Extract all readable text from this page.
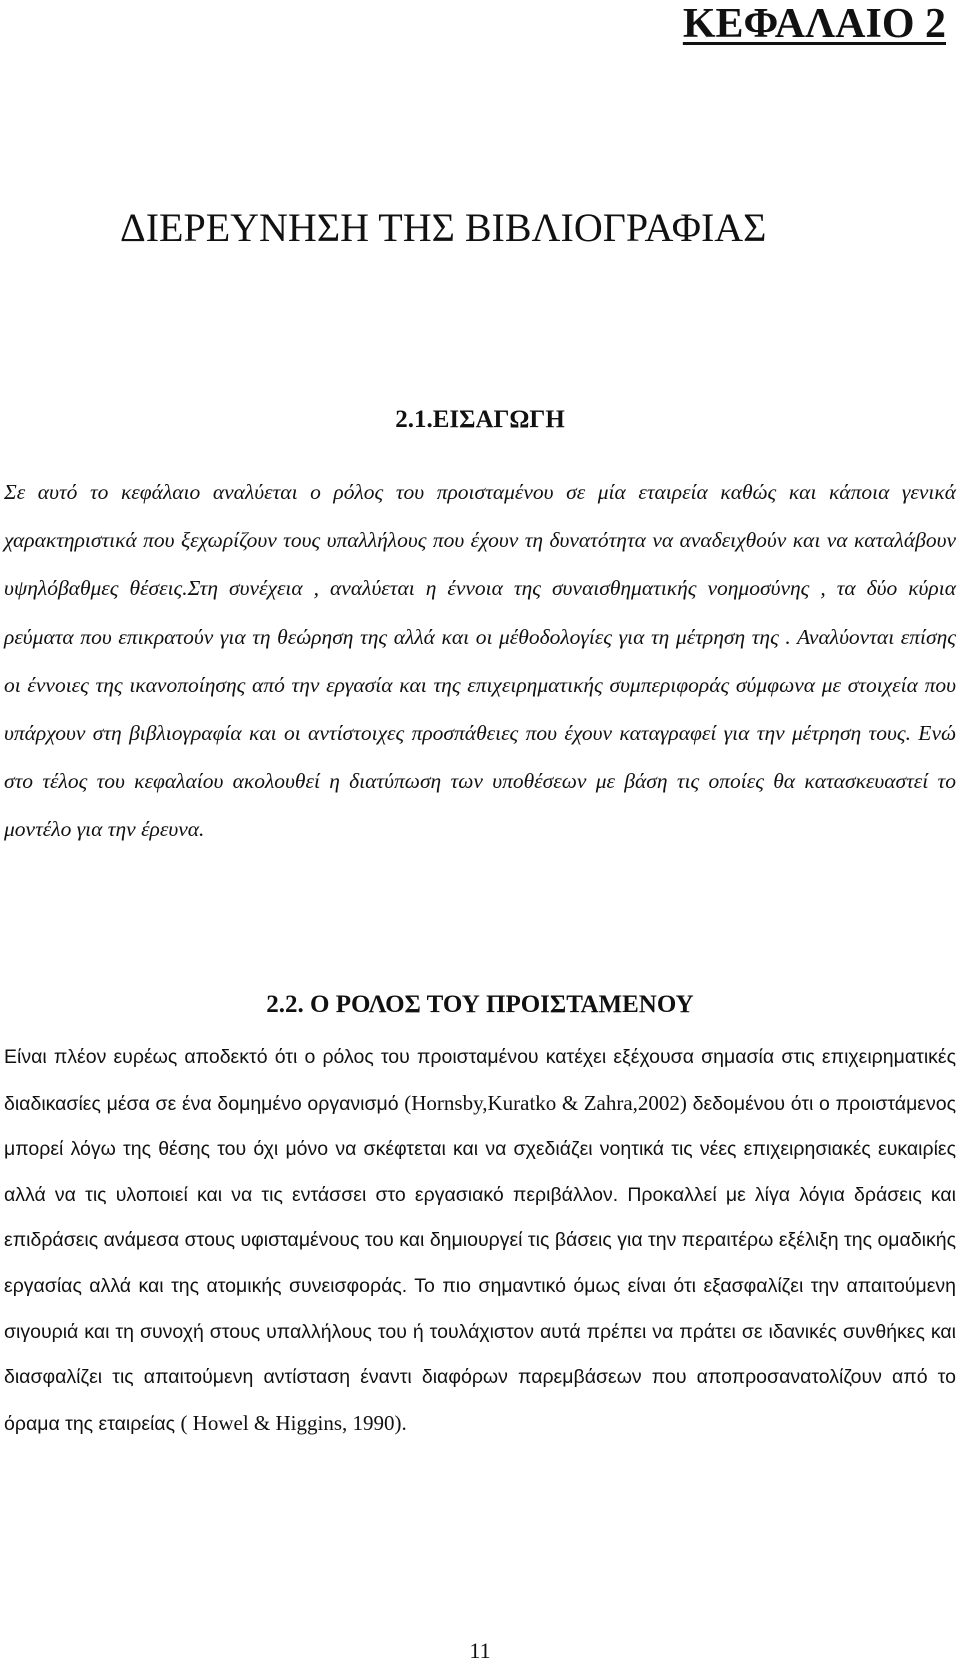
ΚΕΦΑΛΑΙΟ 2
ΔΙΕΡΕΥΝΗΣΗ ΤΗΣ ΒΙΒΛΙΟΓΡΑΦΙΑΣ
2.1.ΕΙΣΑΓΩΓΗ

Σε αυτό το κεφάλαιο αναλύεται ο ρόλος του προισταμένου σε μία εταιρεία καθώς και κάποια γενικά χαρακτηριστικά που ξεχωρίζουν τους υπαλλήλους που έχουν τη δυνατότητα να αναδειχθούν και να καταλάβουν υψηλόβαθμες θέσεις.Στη συνέχεια , αναλύεται η έννοια της συναισθηματικής νοημοσύνης , τα δύο κύρια ρεύματα που επικρατούν για τη θεώρηση της αλλά και οι μέθοδολογίες για τη μέτρηση της . Αναλύονται επίσης οι έννοιες της ικανοποίησης από την εργασία και της επιχειρηματικής συμπεριφοράς σύμφωνα με στοιχεία που υπάρχουν στη βιβλιογραφία και οι αντίστοιχες προσπάθειες που έχουν καταγραφεί για την μέτρηση τους. Ενώ στο τέλος του κεφαλαίου ακολουθεί η διατύπωση των υποθέσεων με βάση τις οποίες θα κατασκευαστεί το μοντέλο για την έρευνα.

2.2. Ο ΡΟΛΟΣ ΤΟΥ ΠΡΟΙΣΤΑΜΕΝΟΥ

Είναι πλέον ευρέως αποδεκτό ότι ο ρόλος του προισταμένου κατέχει εξέχουσα σημασία στις επιχειρηματικές διαδικασίες μέσα σε ένα δομημένο οργανισμό (Hornsby,Kuratko & Zahra,2002) δεδομένου ότι ο προιστάμενος μπορεί λόγω της θέσης του όχι μόνο να σκέφτεται και να σχεδιάζει νοητικά τις νέες επιχειρησιακές ευκαιρίες αλλά να τις υλοποιεί και να τις εντάσσει στο εργασιακό περιβάλλον. Προκαλλεί με λίγα λόγια δράσεις και επιδράσεις ανάμεσα στους υφισταμένους του και δημιουργεί τις βάσεις για την περαιτέρω εξέλιξη της ομαδικής εργασίας αλλά και της ατομικής συνεισφοράς. Το πιο σημαντικό όμως είναι ότι εξασφαλίζει την απαιτούμενη σιγουριά και τη συνοχή στους υπαλλήλους του ή τουλάχιστον αυτά πρέπει να πράτει σε ιδανικές συνθήκες και διασφαλίζει τις απαιτούμενη αντίσταση έναντι διαφόρων παρεμβάσεων που αποπροσανατολίζουν από το όραμα της εταιρείας ( Howel & Higgins, 1990).

11
